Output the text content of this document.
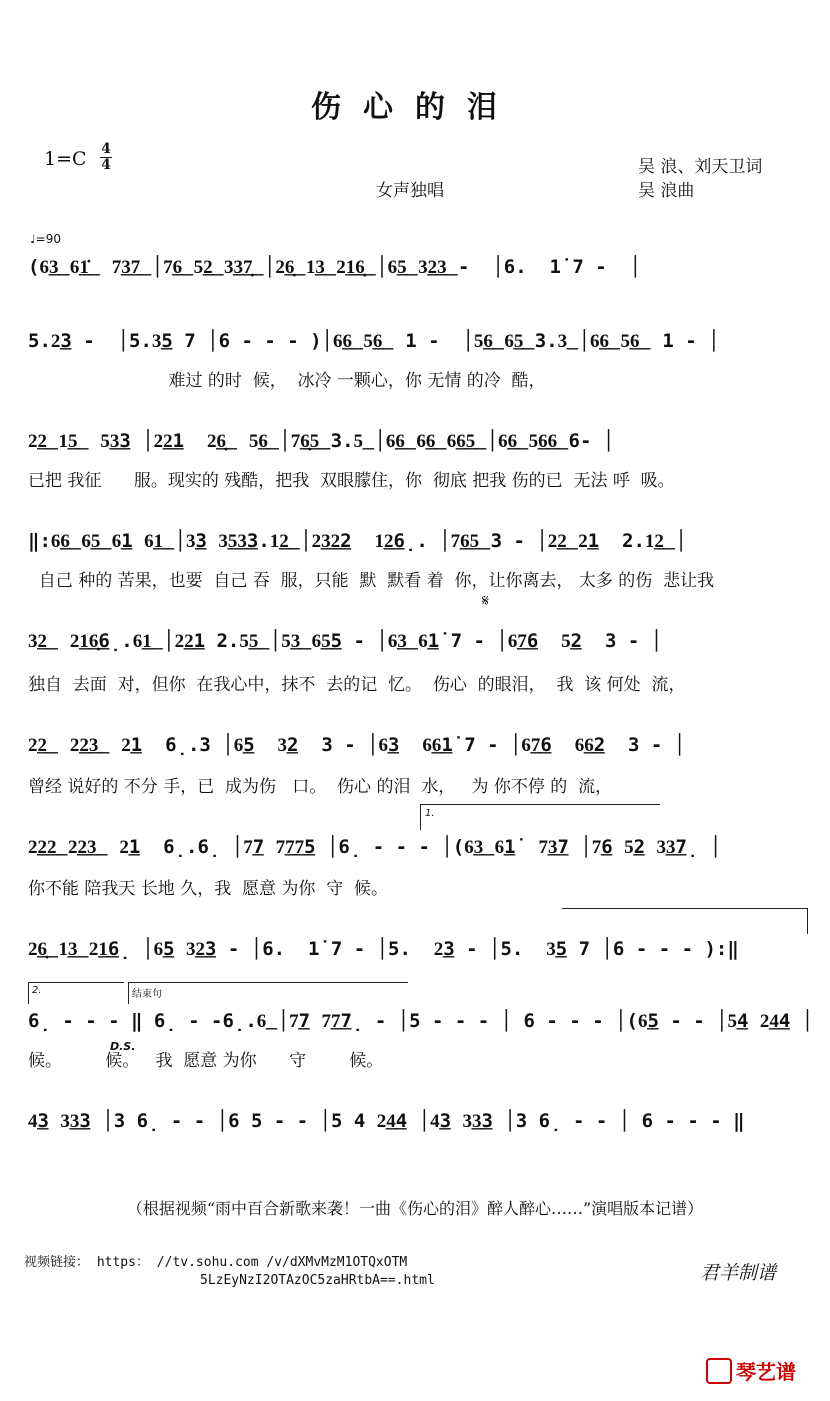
伤心的泪
1=C 4
4
女声独唱
吴 浪、刘天卫词
吴 浪曲
♩=90
(6͟3͟ 6͟1̇͟  7͟3͟7͟ │7͟6͟ 5͟2͟ 3͟3͟7̣͟ │2͟6̣͟ 1͟3͟ 2͟1͟6̣͟ │6͟5͟ 3͟2͟3͟ -  │6.  1̇ 7 -  │
5.2͟3 -  │5.3͟5 7 │6 - - - )│6͟6͟ 5͟6͟  1 -  │5͟6͟ 6͟5͟ 3.3͟ │6͟6͟ 5͟6͟  1 - │
难过 的时  候，  冰冷 一颗心，你 无情 的冷  酷，
2͟2͟ 1͟5͟  5͟3͟3 │2͟2͟1  2͟6̣͟  5͟6͟ │7͟6̣͟5͟ 3.5͟ │6͟6͟ 6͟6͟ 6͟6͟5͟ │6͟6͟ 5͟6͟6͟ 6- │
已把 我征      服。现实的 残酷，把我  双眼朦住，你  彻底 把我 伤的已  无法 呼  吸。
‖:6͟6͟ 6͟5͟ 6͟1 6͟1͟ │3͟3 3͟5͟3͟3.1͟2͟ │2͟3͟2͟2  1͟2͟6̣. │7͟6͟5͟ 3 - │2͟2͟ 2͟1  2.1͟2͟ │
自己 种的 苦果，也要  自己 吞  服，只能  默  默看 着  你，让你离去， 太多 的伤  悲让我
𝄋
3͟2͟  2͟1͟6̣͟6̣.6͟1͟ │2͟2͟1 2.5͟5͟ │5͟3͟ 6͟5͟5 - │6͟3͟ 6͟1̇ 7 - │6͟7͟6  5͟2  3 - │
独自  去面  对，但你  在我心中，抹不  去的记  忆。  伤心  的眼泪，  我  该 何处  流，
2͟2͟  2͟2͟3͟  2͟1  6̣.3 │6͟5  3͟2  3 - │6͟3  6͟6͟1̇ 7 - │6͟7͟6  6͟6͟2  3 - │
曾经 说好的 不分 手，已  成为伤   口。  伤心 的泪  水，   为 你不停 的  流，
1.
2͟2͟2͟ 2͟2͟3͟  2͟1  6̣.6̣ │7͟7 7͟7͟7͟5 │6̣ - - - │(6͟3͟ 6͟1̇  7͟3͟7 │7͟6 5͟2 3͟3͟7̣ │
你不能 陪我天 长地 久，我  愿意 为你  守  候。
2͟6̣͟ 1͟3͟ 2͟1͟6̣ │6͟5 3͟2͟3 - │6.  1̇ 7 - │5.  2͟3 - │5.  3͟5 7 │6 - - - ):‖
2.	结束句
6̣ - - - ‖ 6̣ - -6̣.6͟ │7͟7 7͟7͟7̣ - │5 - - - │ 6 - - - │(6͟5 - - │5͟4 2͟4͟4 │
候。        候。   我  愿意 为你      守        候。
D.S.
4͟3 3͟3͟3 │3 6̣ - - │6 5 - - │5 4 2͟4͟4 │4͟3 3͟3͟3 │3 6̣ - - │ 6 - - - ‖
（根据视频“雨中百合新歌来袭！一曲《伤心的泪》醉人醉心……”演唱版本记谱）
视频链接： https： //tv.sohu.com /v/dXMvMzM1OTQxOTM
5LzEyNzI2OTAzOC5zaHRtbA==.html	君羊制谱
琴艺谱
